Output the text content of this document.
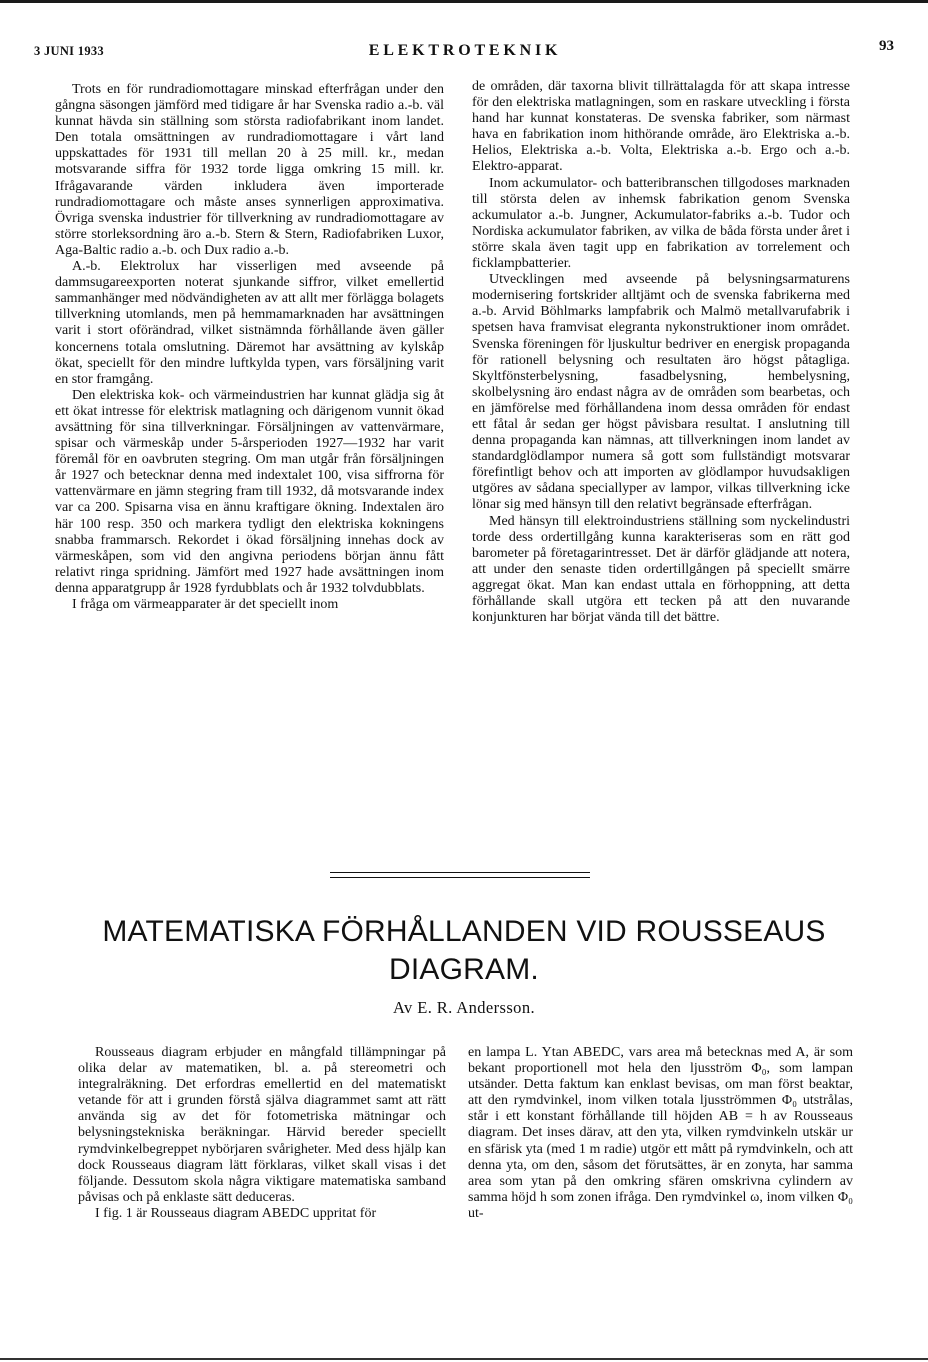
3 JUNI 1933	ELEKTROTEKNIK	93

Trots en för rundradiomottagare minskad efterfrågan under den gångna säsongen jämförd med tidigare år har Svenska radio a.-b. väl kunnat hävda sin ställning som största radiofabrikant inom landet. Den totala omsättningen av rundradiomottagare i vårt land uppskattades för 1931 till mellan 20 à 25 mill. kr., medan motsvarande siffra för 1932 torde ligga omkring 15 mill. kr. Ifrågavarande värden inkludera även importerade rundradiomottagare och måste anses synnerligen approximativa. Övriga svenska industrier för tillverkning av rundradiomottagare av större storleksordning äro a.-b. Stern & Stern, Radiofabriken Luxor, Aga-Baltic radio a.-b. och Dux radio a.-b.

A.-b. Elektrolux har visserligen med avseende på dammsugareexporten noterat sjunkande siffror, vilket emellertid sammanhänger med nödvändigheten av att allt mer förlägga bolagets tillverkning utomlands, men på hemmamarknaden har avsättningen varit i stort oförändrad, vilket sistnämnda förhållande även gäller koncernens totala omslutning. Däremot har avsättning av kylskåp ökat, speciellt för den mindre luftkylda typen, vars försäljning varit en stor framgång.

Den elektriska kok- och värmeindustrien har kunnat glädja sig åt ett ökat intresse för elektrisk matlagning och därigenom vunnit ökad avsättning för sina tillverkningar. Försäljningen av vattenvärmare, spisar och värmeskåp under 5-årsperioden 1927—1932 har varit föremål för en oavbruten stegring. Om man utgår från försäljningen år 1927 och betecknar denna med indextalet 100, visa siffrorna för vattenvärmare en jämn stegring fram till 1932, då motsvarande index var ca 200. Spisarna visa en ännu kraftigare ökning. Indextalen äro här 100 resp. 350 och markera tydligt den elektriska kokningens snabba frammarsch. Rekordet i ökad försäljning innehas dock av värmeskåpen, som vid den angivna periodens början ännu fått relativt ringa spridning. Jämfört med 1927 hade avsättningen inom denna apparatgrupp år 1928 fyrdubblats och år 1932 tolvdubblats.

I fråga om värmeapparater är det speciellt inom

de områden, där taxorna blivit tillrättalagda för att skapa intresse för den elektriska matlagningen, som en raskare utveckling i första hand har kunnat konstateras. De svenska fabriker, som närmast hava en fabrikation inom hithörande område, äro Elektriska a.-b. Helios, Elektriska a.-b. Volta, Elektriska a.-b. Ergo och a.-b. Elektro-apparat.

Inom ackumulator- och batteribranschen tillgodoses marknaden till största delen av inhemsk fabrikation genom Svenska ackumulator a.-b. Jungner, Ackumulator-fabriks a.-b. Tudor och Nordiska ackumulator fabriken, av vilka de båda första under året i större skala även tagit upp en fabrikation av torrelement och ficklampbatterier.

Utvecklingen med avseende på belysningsarmaturens modernisering fortskrider alltjämt och de svenska fabrikerna med a.-b. Arvid Böhlmarks lampfabrik och Malmö metallvarufabrik i spetsen hava framvisat elegranta nykonstruktioner inom området. Svenska föreningen för ljuskultur bedriver en energisk propaganda för rationell belysning och resultaten äro högst påtagliga. Skyltfönsterbelysning, fasadbelysning, hembelysning, skolbelysning äro endast några av de områden som bearbetas, och en jämförelse med förhållandena inom dessa områden för endast ett fåtal år sedan ger högst påvisbara resultat. I anslutning till denna propaganda kan nämnas, att tillverkningen inom landet av standardglödlampor numera så gott som fullständigt motsvarar förefintligt behov och att importen av glödlampor huvudsakligen utgöres av sådana speciallyper av lampor, vilkas tillverkning icke lönar sig med hänsyn till den relativt begränsade efterfrågan.

Med hänsyn till elektroindustriens ställning som nyckelindustri torde dess ordertillgång kunna karakteriseras som en rätt god barometer på företagarintresset. Det är därför glädjande att notera, att under den senaste tiden ordertillgången på speciellt smärre aggregat ökat. Man kan endast uttala en förhoppning, att detta förhållande skall utgöra ett tecken på att den nuvarande konjunkturen har börjat vända till det bättre.

MATEMATISKA FÖRHÅLLANDEN VID ROUSSEAUS DIAGRAM.
Av E. R. Andersson.

Rousseaus diagram erbjuder en mångfald tillämpningar på olika delar av matematiken, bl. a. på stereometri och integralräkning. Det erfordras emellertid en del matematiskt vetande för att i grunden förstå själva diagrammet samt att rätt använda sig av det för fotometriska mätningar och belysningstekniska beräkningar. Härvid bereder speciellt rymdvinkelbegreppet nybörjaren svårigheter. Med dess hjälp kan dock Rousseaus diagram lätt förklaras, vilket skall visas i det följande. Dessutom skola några viktigare matematiska samband påvisas och på enklaste sätt deduceras.

I fig. 1 är Rousseaus diagram ABEDC uppritat för

en lampa L. Ytan ABEDC, vars area må betecknas med A, är som bekant proportionell mot hela den ljusström Φ₀, som lampan utsänder. Detta faktum kan enklast bevisas, om man först beaktar, att den rymdvinkel, inom vilken totala ljusströmmen Φ₀ utstrålas, står i ett konstant förhållande till höjden AB = h av Rousseaus diagram. Det inses därav, att den yta, vilken rymdvinkeln utskär ur en sfärisk yta (med 1 m radie) utgör ett mått på rymdvinkeln, och att denna yta, om den, såsom det förutsättes, är en zonyta, har samma area som ytan på den omkring sfären omskrivna cylindern av samma höjd h som zonen ifråga. Den rymdvinkel ω, inom vilken Φ₀ ut-
